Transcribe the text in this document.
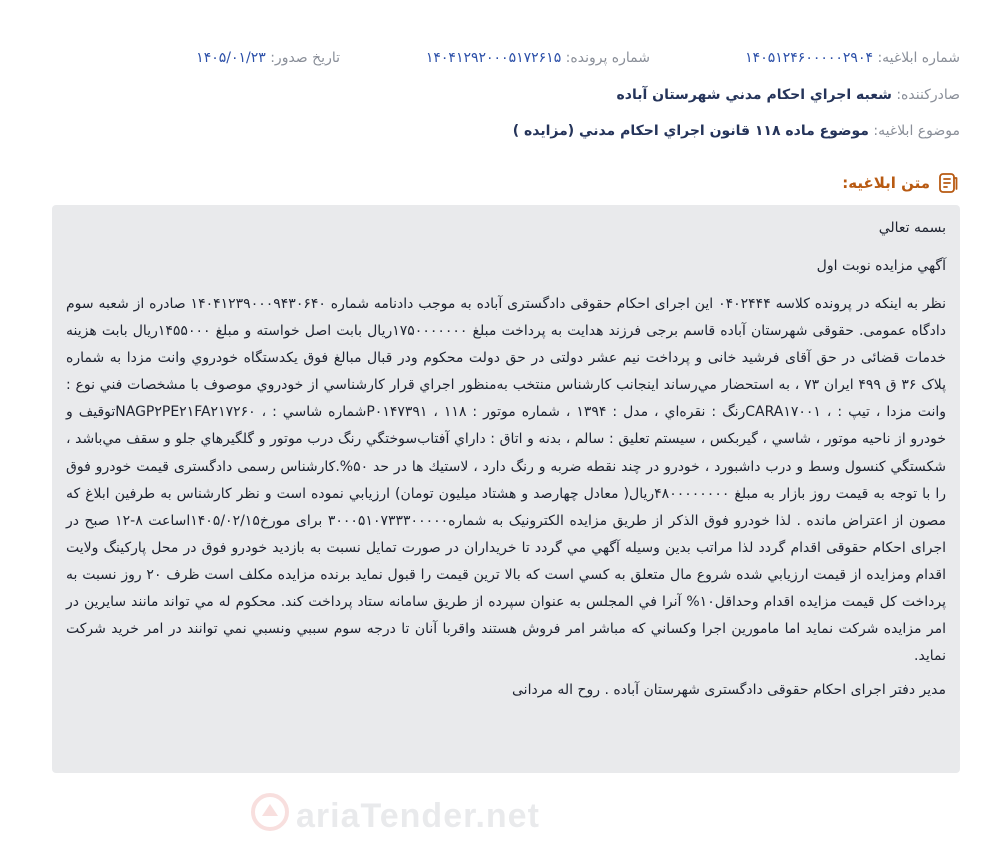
شماره ابلاغیه: ۱۴۰۵۱۲۴۶۰۰۰۰۰۲۹۰۴
شماره پرونده: ۱۴۰۴۱۲۹۲۰۰۰۵۱۷۲۶۱۵
تاریخ صدور: ۱۴۰۵/۰۱/۲۳
صادرکننده: شعبه اجراي احكام مدني شهرستان آباده
موضوع ابلاغیه: موضوع ماده ۱۱۸ قانون اجراي احكام مدني (مزايده )
متن ابلاغیه:

بسمه تعالي

آگهي مزايده نوبت اول

نظر به اینکه در پرونده کلاسه ۰۴۰۲۴۴۴ این اجرای احکام حقوقی دادگستری آباده به موجب دادنامه شماره ۱۴۰۴۱۲۳۹۰۰۰۹۴۳۰۶۴۰ صادره از شعبه سوم دادگاه عمومی. حقوقی شهرستان آباده قاسم برجی فرزند هدایت به پرداخت مبلغ ۱۷۵۰۰۰۰۰۰۰ریال بابت اصل خواسته و مبلغ ۱۴۵۵۰۰۰ریال بابت هزینه خدمات قضائی در حق آقای فرشید خانی و پرداخت نیم عشر دولتی در حق دولت محکوم ودر قبال مبالغ فوق یکدستگاه خودروي وانت مزدا به شماره پلاک ۳۶ ق ۴۹۹ ایران ۷۳ ، به استحضار مي‌رساند اینجانب کارشناس منتخب به‌منظور اجراي قرار کارشناسي از خودروي موصوف با مشخصات فني نوع : وانت مزدا ، تیپ : ، CARA۱۷۰۰۱رنگ : نقره‌اي ، مدل : ۱۳۹۴ ، شماره موتور : ۱۱۸ ، P۰۱۴۷۳۹۱شماره شاسي : ، NAGP۲PE۲۱FA۲۱۷۲۶۰توقيف و خودرو از ناحيه موتور ، شاسي ، گيربكس ، سيستم تعليق : سالم ، بدنه و اتاق : داراي آفتاب‌سوختگي رنگ درب موتور و گلگيرهاي جلو و سقف مي‌باشد ، شكستگي كنسول وسط و درب داشبورد ، خودرو در چند نقطه ضربه و رنگ دارد ، لاستيك ها در حد ۵۰%.کارشناس رسمی دادگستری قیمت خودرو فوق را با توجه به قيمت روز بازار به مبلغ ۴۸۰۰۰۰۰۰۰۰ريال( معادل چهارصد و هشتاد میلیون تومان) ارزيابي نموده است و نظر کارشناس به طرفین ابلاغ که مصون از اعتراض مانده . لذا خودرو فوق الذکر از طریق مزایده الکترونیک به شماره۳۰۰۰۵۱۰۷۳۳۳۰۰۰۰۰ برای مورخ۱۴۰۵/۰۲/۱۵اساعت ۸-۱۲ صبح در اجرای احکام حقوقی اقدام گردد لذا مراتب بدين وسيله آگهي مي گردد تا خريداران در صورت تمايل نسبت به بازديد خودرو فوق در محل پارکینگ ولایت اقدام ومزايده از قيمت ارزيابي شده شروع مال متعلق به كسي است كه بالا ترين قيمت را قبول نمايد برنده مزايده مكلف است ظرف ۲۰ روز نسبت به پرداخت كل قيمت مزايده اقدام وحداقل۱۰% آنرا في المجلس به عنوان سپرده از طریق سامانه ستاد پرداخت کند. محكوم له مي تواند مانند سايرين در امر مزايده شركت نمايد اما مامورين اجرا وكساني كه مباشر امر فروش هستند واقربا آنان تا درجه سوم سببي ونسبي نمي توانند در امر خريد شركت نمايد.

مدیر دفتر اجرای احکام حقوقی دادگستری شهرستان آباده . روح اله مردانی

ariaTender.net
